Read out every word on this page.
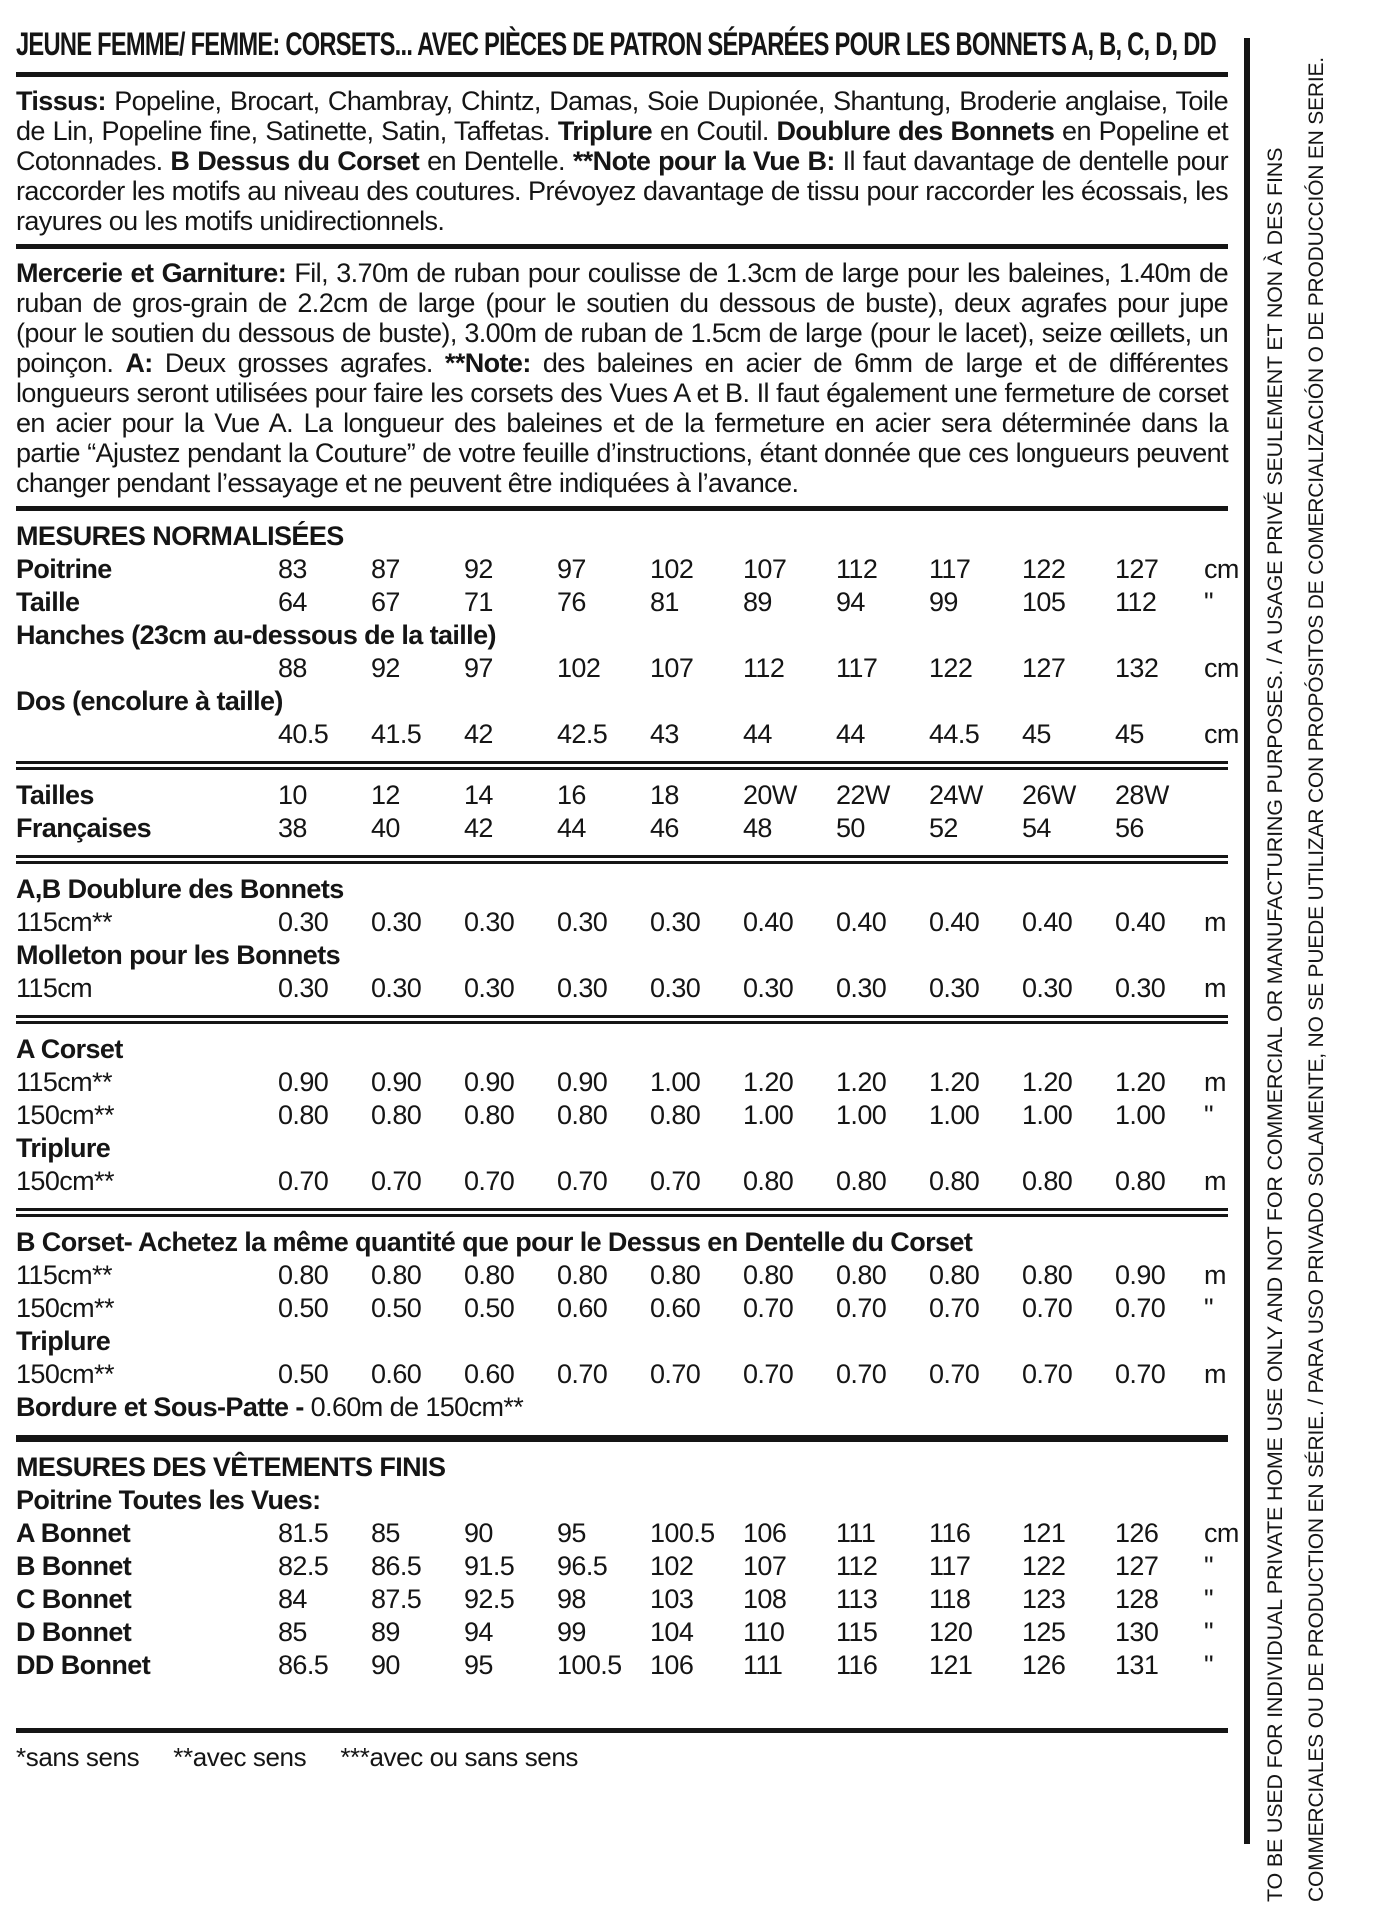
JEUNE FEMME/ FEMME: CORSETS... AVEC PIÈCES DE PATRON SÉPARÉES POUR LES BONNETS A, B, C, D, DD

Tissus: Popeline, Brocart, Chambray, Chintz, Damas, Soie Dupionée, Shantung, Broderie anglaise, Toile de Lin, Popeline fine, Satinette, Satin, Taffetas. Triplure en Coutil. Doublure des Bonnets en Popeline et Cotonnades. B Dessus du Corset en Dentelle. **Note pour la Vue B: Il faut davantage de dentelle pour raccorder les motifs au niveau des coutures. Prévoyez davantage de tissu pour raccorder les écossais, les rayures ou les motifs unidirectionnels.

Mercerie et Garniture: Fil, 3.70m de ruban pour coulisse de 1.3cm de large pour les baleines, 1.40m de ruban de gros-grain de 2.2cm de large (pour le soutien du dessous de buste), deux agrafes pour jupe (pour le soutien du dessous de buste), 3.00m de ruban de 1.5cm de large (pour le lacet), seize œillets, un poinçon. A: Deux grosses agrafes. **Note: des baleines en acier de 6mm de large et de différentes longueurs seront utilisées pour faire les corsets des Vues A et B. Il faut également une fermeture de corset en acier pour la Vue A. La longueur des baleines et de la fermeture en acier sera déterminée dans la partie “Ajustez pendant la Couture” de votre feuille d’instructions, étant donnée que ces longueurs peuvent changer pendant l’essayage et ne peuvent être indiquées à l’avance.

MESURES NORMALISÉES
Poitrine	83	87	92	97	102	107	112	117	122	127	cm
Taille	64	67	71	76	81	89	94	99	105	112	"
Hanches (23cm au-dessous de la taille)
88	92	97	102	107	112	117	122	127	132	cm
Dos (encolure à taille)
40.5	41.5	42	42.5	43	44	44	44.5	45	45	cm
Tailles	10	12	14	16	18	20W	22W	24W	26W	28W
Françaises	38	40	42	44	46	48	50	52	54	56
A,B Doublure des Bonnets
115cm**	0.30	0.30	0.30	0.30	0.30	0.40	0.40	0.40	0.40	0.40	m
Molleton pour les Bonnets
115cm	0.30	0.30	0.30	0.30	0.30	0.30	0.30	0.30	0.30	0.30	m
A Corset
115cm**	0.90	0.90	0.90	0.90	1.00	1.20	1.20	1.20	1.20	1.20	m
150cm**	0.80	0.80	0.80	0.80	0.80	1.00	1.00	1.00	1.00	1.00	"
Triplure
150cm**	0.70	0.70	0.70	0.70	0.70	0.80	0.80	0.80	0.80	0.80	m
B Corset- Achetez la même quantité que pour le Dessus en Dentelle du Corset
115cm**	0.80	0.80	0.80	0.80	0.80	0.80	0.80	0.80	0.80	0.90	m
150cm**	0.50	0.50	0.50	0.60	0.60	0.70	0.70	0.70	0.70	0.70	"
Triplure
150cm**	0.50	0.60	0.60	0.70	0.70	0.70	0.70	0.70	0.70	0.70	m
Bordure et Sous-Patte - 0.60m de 150cm**
MESURES DES VÊTEMENTS FINIS
Poitrine Toutes les Vues:
A Bonnet	81.5	85	90	95	100.5	106	111	116	121	126	cm
B Bonnet	82.5	86.5	91.5	96.5	102	107	112	117	122	127	"
C Bonnet	84	87.5	92.5	98	103	108	113	118	123	128	"
D Bonnet	85	89	94	99	104	110	115	120	125	130	"
DD Bonnet	86.5	90	95	100.5	106	111	116	121	126	131	"
*sans sens     **avec sens     ***avec ou sans sens	TO BE USED FOR INDIVIDUAL PRIVATE HOME USE ONLY AND NOT FOR COMMERCIAL OR MANUFACTURING PURPOSES. / A USAGE PRIVÉ SEULEMENT ET NON À DES FINS COMMERCIALES OU DE PRODUCTION EN SÉRIE. / PARA USO PRIVADO SOLAMENTE, NO SE PUEDE UTILIZAR CON PROPÓSITOS DE COMERCIALIZACIÓN O DE PRODUCCIÓN EN SERIE.
